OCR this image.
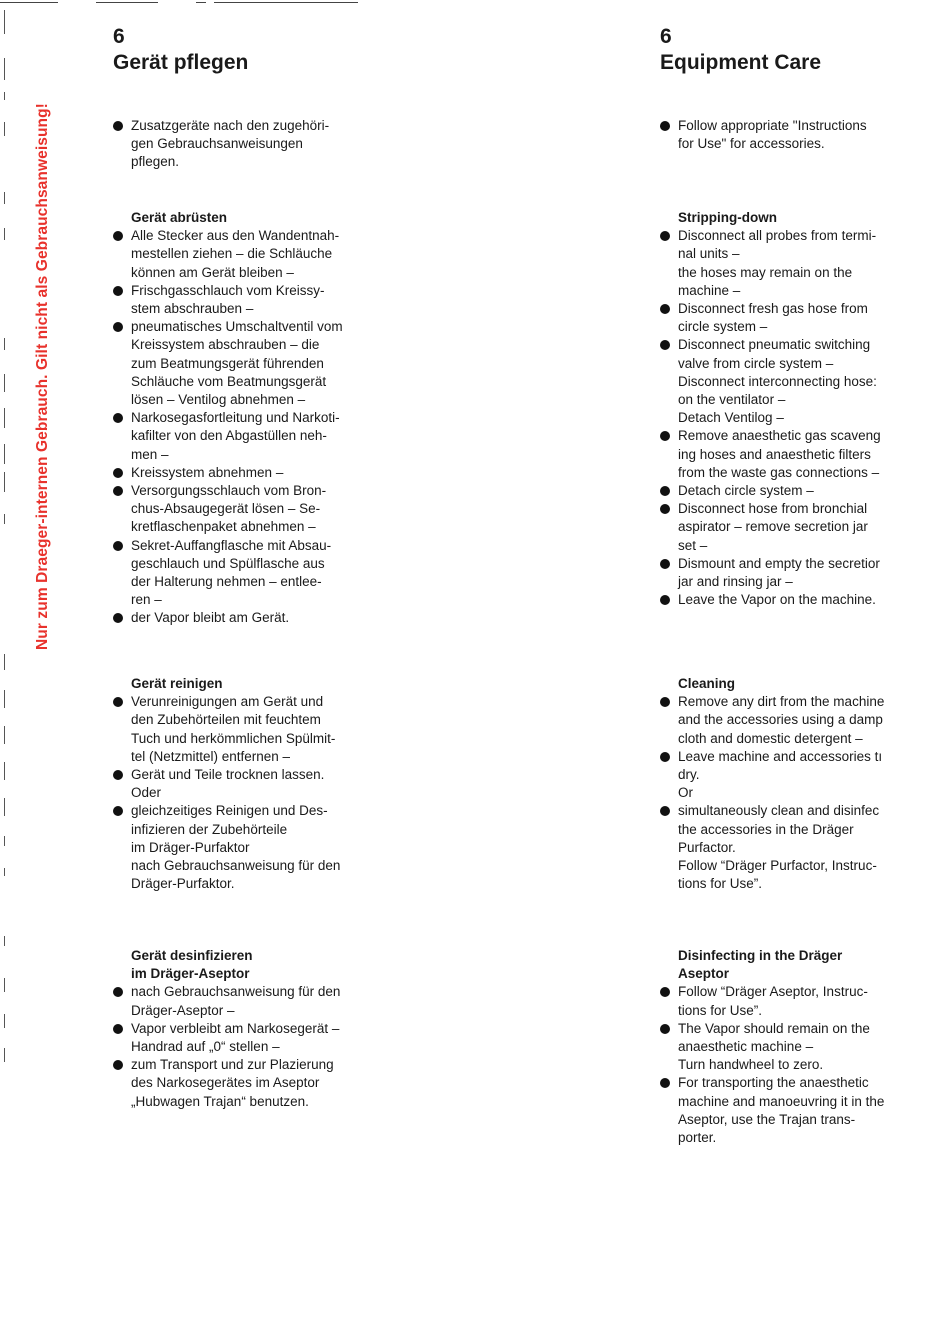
Nur zum Draeger-internen Gebrauch. Gilt nicht als Gebrauchsanweisung!
6
Gerät pflegen
Zusatzgeräte nach den zugehöri-
gen Gebrauchsanweisungen
pflegen.
Gerät abrüsten
Alle Stecker aus den Wandentnah-
mestellen ziehen – die Schläuche
können am Gerät bleiben –
Frischgasschlauch vom Kreissy-
stem abschrauben –
pneumatisches Umschaltventil vom
Kreissystem abschrauben – die
zum Beatmungsgerät führenden
Schläuche vom Beatmungsgerät
lösen – Ventilog abnehmen –
Narkosegasfortleitung und Narkoti-
kafilter von den Abgastüllen neh-
men –
Kreissystem abnehmen –
Versorgungsschlauch vom Bron-
chus-Absaugegerät lösen – Se-
kretflaschenpaket abnehmen –
Sekret-Auffangflasche mit Absau-
geschlauch und Spülflasche aus
der Halterung nehmen – entlee-
ren –
der Vapor bleibt am Gerät.
Gerät reinigen
Verunreinigungen am Gerät und
den Zubehörteilen mit feuchtem
Tuch und herkömmlichen Spülmit-
tel (Netzmittel) entfernen –
Gerät und Teile trocknen lassen.
Oder
gleichzeitiges Reinigen und Des-
infizieren der Zubehörteile
im Dräger-Purfaktor
nach Gebrauchsanweisung für den
Dräger-Purfaktor.
Gerät desinfizieren
im Dräger-Aseptor
nach Gebrauchsanweisung für den
Dräger-Aseptor –
Vapor verbleibt am Narkosegerät –
Handrad auf „0“ stellen –
zum Transport und zur Plazierung
des Narkosegerätes im Aseptor
„Hubwagen Trajan“ benutzen.
6
Equipment Care
Follow appropriate "Instructions
for Use" for accessories.
Stripping-down
Disconnect all probes from termi-
nal units –
the hoses may remain on the
machine –
Disconnect fresh gas hose from
circle system –
Disconnect pneumatic switching
valve from circle system –
Disconnect interconnecting hose:
on the ventilator –
Detach Ventilog –
Remove anaesthetic gas scaveng
ing hoses and anaesthetic filters
from the waste gas connections –
Detach circle system –
Disconnect hose from bronchial
aspirator – remove secretion jar
set –
Dismount and empty the secretior
jar and rinsing jar –
Leave the Vapor on the machine.
Cleaning
Remove any dirt from the machine
and the accessories using a damp
cloth and domestic detergent –
Leave machine and accessories tı
dry.
Or
simultaneously clean and disinfec
the accessories in the Dräger
Purfactor.
Follow “Dräger Purfactor, Instruc-
tions for Use”.
Disinfecting in the Dräger
Aseptor
Follow “Dräger Aseptor, Instruc-
tions for Use”.
The Vapor should remain on the
anaesthetic machine –
Turn handwheel to zero.
For transporting the anaesthetic
machine and manoeuvring it in the
Aseptor, use the Trajan trans-
porter.
